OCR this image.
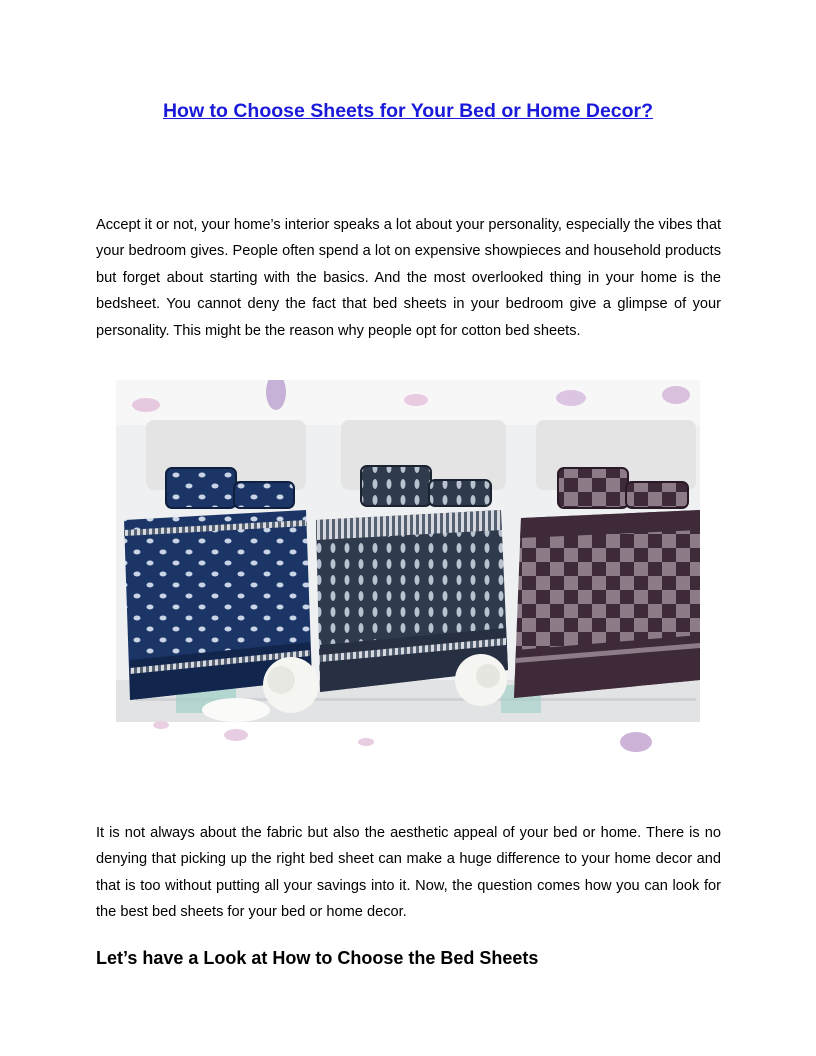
How to Choose Sheets for Your Bed or Home Decor?

Accept it or not, your home’s interior speaks a lot about your personality, especially the vibes that your bedroom gives. People often spend a lot on expensive showpieces and household products but forget about starting with the basics. And the most overlooked thing in your home is the bedsheet. You cannot deny the fact that bed sheets in your bedroom give a glimpse of your personality. This might be the reason why people opt for cotton bed sheets.

It is not always about the fabric but also the aesthetic appeal of your bed or home. There is no denying that picking up the right bed sheet can make a huge difference to your home decor and that is too without putting all your savings into it. Now, the question comes how you can look for the best bed sheets for your bed or home decor.

Let’s have a Look at How to Choose the Bed Sheets
